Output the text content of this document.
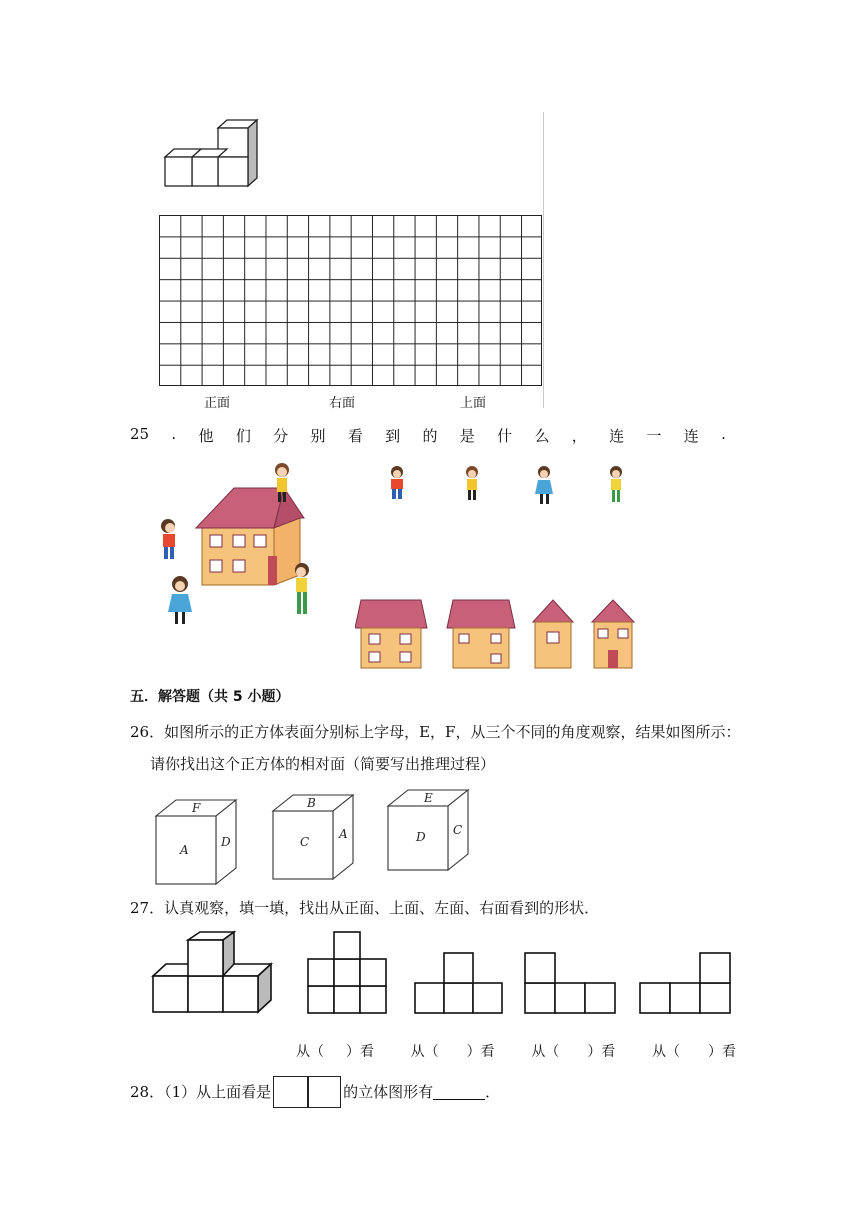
正面	右面	上面
25 . 他 们 分 别 看 到 的 是 什 么 ， 连 一 连 .
五．解答题（共 5 小题）
26．如图所示的正方体表面分别标上字母，E，F，从三个不同的角度观察，结果如图所示：
请你找出这个正方体的相对面（简要写出推理过程）
F
A
D
B
C
A
E
D C
27．认真观察，填一填，找出从正面、上面、左面、右面看到的形状．
从（ ）看	从（ ）看	从（ ）看	从（ ）看
28．（1）从上面看是	的立体图形有	．
